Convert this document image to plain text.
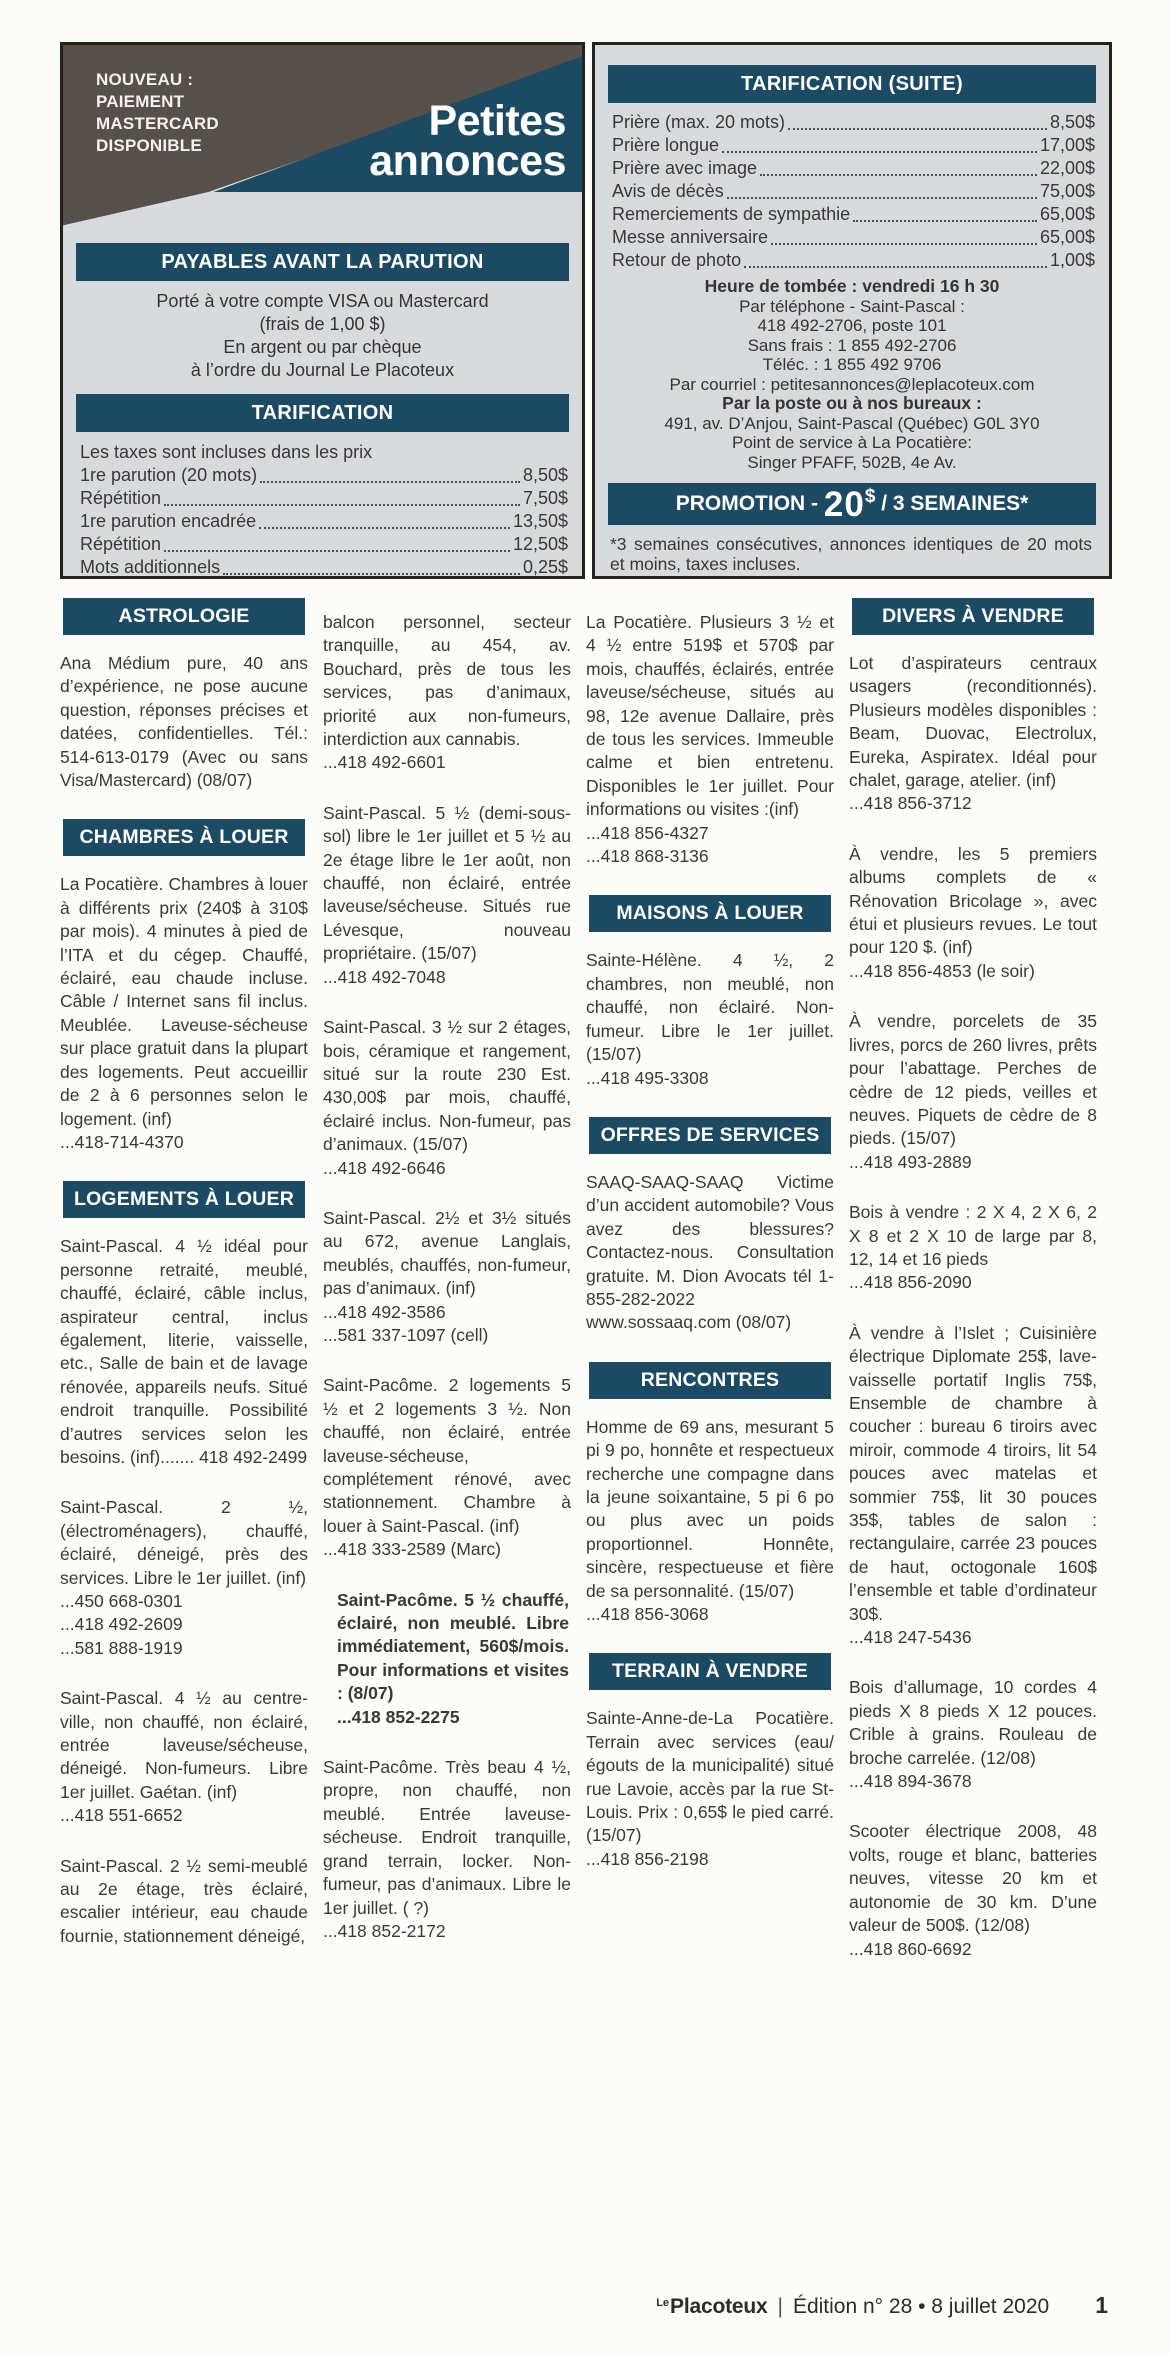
NOUVEAU :
PAIEMENT
MASTERCARD
DISPONIBLE
Petites
annonces
PAYABLES AVANT LA PARUTION
Porté à votre compte VISA ou Mastercard
(frais de 1,00 $)
En argent ou par chèque
à l’ordre du Journal Le Placoteux
TARIFICATION
Les taxes sont incluses dans les prix
1re parution (20 mots)	8,50$
Répétition	7,50$
1re parution encadrée	13,50$
Répétition	12,50$
Mots additionnels	0,25$
TARIFICATION (SUITE)
Prière (max. 20 mots)	8,50$
Prière longue	17,00$
Prière avec image	22,00$
Avis de décès	75,00$
Remerciements de sympathie	65,00$
Messe anniversaire	65,00$
Retour de photo	1,00$
Heure de tombée : vendredi 16 h 30
Par téléphone - Saint-Pascal :
418 492-2706, poste 101
Sans frais : 1 855 492-2706
Téléc. : 1 855 492 9706
Par courriel : petitesannonces@leplacoteux.com
Par la poste ou à nos bureaux :
491, av. D’Anjou, Saint-Pascal (Québec) G0L 3Y0
Point de service à La Pocatière:
Singer PFAFF, 502B, 4e Av.
PROMOTION - 20 $ / 3 SEMAINES*
*3 semaines consécutives, annonces identiques de 20 mots et moins, taxes incluses.
ASTROLOGIE
Ana Médium pure, 40 ans d’expérience, ne pose aucune question, réponses précises et datées, confidentielles. Tél.: 514-613-0179 (Avec ou sans Visa/Mastercard) (08/07)
CHAMBRES À LOUER
La Pocatière. Chambres à louer à différents prix (240$ à 310$ par mois). 4 minutes à pied de l’ITA et du cégep. Chauffé, éclairé, eau chaude incluse. Câble / Internet sans fil inclus. Meublée. Laveuse-sécheuse sur place gratuit dans la plupart des logements. Peut accueillir de 2 à 6 personnes selon le logement. (inf)
...418-714-4370
LOGEMENTS À LOUER
Saint-Pascal. 4 ½ idéal pour personne retraité, meublé, chauffé, éclairé, câble inclus, aspirateur central, inclus également, literie, vaisselle, etc., Salle de bain et de lavage rénovée, appareils neufs. Situé endroit tranquille. Possibilité d’autres services selon les besoins. (inf)....... 418 492-2499
Saint-Pascal. 2 ½, (électroménagers), chauffé, éclairé, déneigé, près des services. Libre le 1er juillet. (inf)
...450 668-0301
...418 492-2609
...581 888-1919
Saint-Pascal. 4 ½ au centre-ville, non chauffé, non éclairé, entrée laveuse/sécheuse, déneigé. Non-fumeurs. Libre 1er juillet. Gaétan. (inf)
...418 551-6652
Saint-Pascal. 2 ½ semi-meublé au 2e étage, très éclairé, escalier intérieur, eau chaude fournie, stationnement déneigé,
balcon personnel, secteur tranquille, au 454, av. Bouchard, près de tous les services, pas d’animaux, priorité aux non-fumeurs, interdiction aux cannabis.
...418 492-6601
Saint-Pascal. 5 ½ (demi-sous-sol) libre le 1er juillet et 5 ½ au 2e étage libre le 1er août, non chauffé, non éclairé, entrée laveuse/sécheuse. Situés rue Lévesque, nouveau propriétaire. (15/07)
...418 492-7048
Saint-Pascal. 3 ½ sur 2 étages, bois, céramique et rangement, situé sur la route 230 Est. 430,00$ par mois, chauffé, éclairé inclus. Non-fumeur, pas d’animaux. (15/07)
...418 492-6646
Saint-Pascal. 2½ et 3½ situés au 672, avenue Langlais, meublés, chauffés, non-fumeur, pas d’animaux. (inf)
...418 492-3586
...581 337-1097 (cell)
Saint-Pacôme. 2 logements 5 ½ et 2 logements 3 ½. Non chauffé, non éclairé, entrée laveuse-sécheuse, complétement rénové, avec stationnement. Chambre à louer à Saint-Pascal. (inf)
...418 333-2589 (Marc)
Saint-Pacôme. 5 ½ chauffé, éclairé, non meublé. Libre immédiatement, 560$/mois. Pour informations et visites : (8/07)
...418 852-2275
Saint-Pacôme. Très beau 4 ½, propre, non chauffé, non meublé. Entrée laveuse-sécheuse. Endroit tranquille, grand terrain, locker. Non-fumeur, pas d’animaux. Libre le 1er juillet. ( ?)
...418 852-2172
La Pocatière. Plusieurs 3 ½ et 4 ½ entre 519$ et 570$ par mois, chauffés, éclairés, entrée laveuse/sécheuse, situés au 98, 12e avenue Dallaire, près de tous les services. Immeuble calme et bien entretenu. Disponibles le 1er juillet. Pour informations ou visites :(inf)
...418 856-4327
...418 868-3136
MAISONS À LOUER
Sainte-Hélène. 4 ½, 2 chambres, non meublé, non chauffé, non éclairé. Non-fumeur. Libre le 1er juillet. (15/07)
...418 495-3308
OFFRES DE SERVICES
SAAQ-SAAQ-SAAQ Victime d’un accident automobile? Vous avez des blessures? Contactez-nous. Consultation gratuite. M. Dion Avocats tél 1-855-282-2022 www.sossaaq.com (08/07)
RENCONTRES
Homme de 69 ans, mesurant 5 pi 9 po, honnête et respectueux recherche une compagne dans la jeune soixantaine, 5 pi 6 po ou plus avec un poids proportionnel. Honnête, sincère, respectueuse et fière de sa personnalité. (15/07)
...418 856-3068
TERRAIN À VENDRE
Sainte-Anne-de-La Pocatière. Terrain avec services (eau/égouts de la municipalité) situé rue Lavoie, accès par la rue St-Louis. Prix : 0,65$ le pied carré. (15/07)
...418 856-2198
DIVERS À VENDRE
Lot d’aspirateurs centraux usagers (reconditionnés). Plusieurs modèles disponibles : Beam, Duovac, Electrolux, Eureka, Aspiratex. Idéal pour chalet, garage, atelier. (inf)
...418 856-3712
À vendre, les 5 premiers albums complets de « Rénovation Bricolage », avec étui et plusieurs revues. Le tout pour 120 $. (inf)
...418 856-4853 (le soir)
À vendre, porcelets de 35 livres, porcs de 260 livres, prêts pour l’abattage. Perches de cèdre de 12 pieds, veilles et neuves. Piquets de cèdre de 8 pieds. (15/07)
...418 493-2889
Bois à vendre : 2 X 4, 2 X 6, 2 X 8 et 2 X 10 de large par 8, 12, 14 et 16 pieds
...418 856-2090
À vendre à l’Islet ; Cuisinière électrique Diplomate 25$, lave-vaisselle portatif Inglis 75$, Ensemble de chambre à coucher : bureau 6 tiroirs avec miroir, commode 4 tiroirs, lit 54 pouces avec matelas et sommier 75$, lit 30 pouces 35$, tables de salon : rectangulaire, carrée 23 pouces de haut, octogonale 160$ l’ensemble et table d’ordinateur 30$.
...418 247-5436
Bois d’allumage, 10 cordes 4 pieds X 8 pieds X 12 pouces. Crible à grains. Rouleau de broche carrelée. (12/08)
...418 894-3678
Scooter électrique 2008, 48 volts, rouge et blanc, batteries neuves, vitesse 20 km et autonomie de 30 km. D’une valeur de 500$. (12/08)
...418 860-6692
Le Placoteux | Édition n° 28 • 8 juillet 2020 1
